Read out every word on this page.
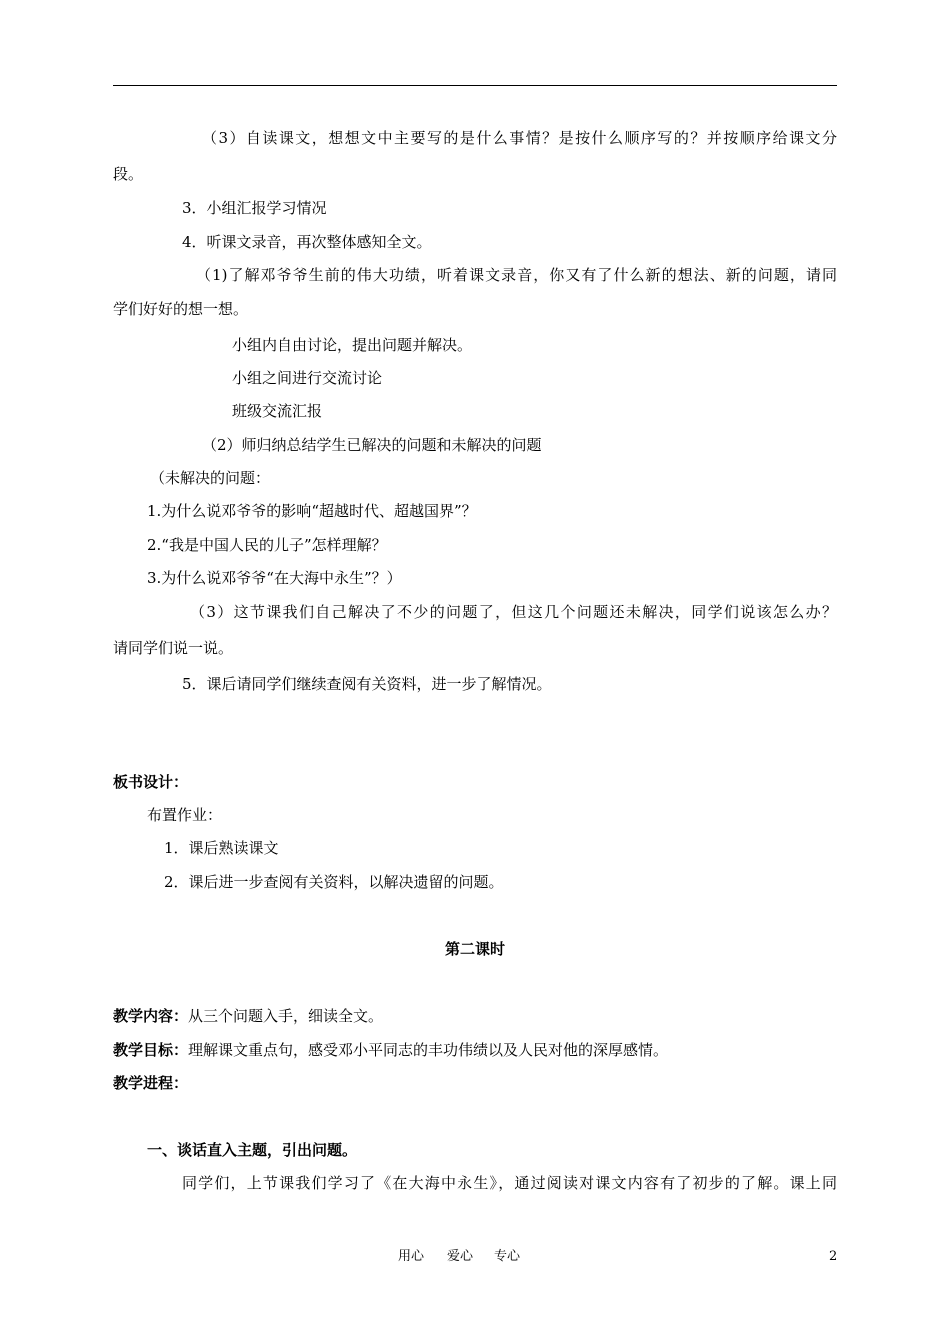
（3）自读课文，想想文中主要写的是什么事情？是按什么顺序写的？并按顺序给课文分
段。
3．小组汇报学习情况
4．听课文录音，再次整体感知全文。
（1)了解邓爷爷生前的伟大功绩，听着课文录音，你又有了什么新的想法、新的问题，请同
学们好好的想一想。
小组内自由讨论，提出问题并解决。
小组之间进行交流讨论
班级交流汇报
（2）师归纳总结学生已解决的问题和未解决的问题
（未解决的问题：
1.为什么说邓爷爷的影响“超越时代、超越国界”？
2.“我是中国人民的儿子”怎样理解？
3.为什么说邓爷爷“在大海中永生”？）
（3）这节课我们自己解决了不少的问题了，但这几个问题还未解决，同学们说该怎么办？
请同学们说一说。
5．课后请同学们继续查阅有关资料，进一步了解情况。
板书设计：
布置作业：
1．课后熟读课文
2．课后进一步查阅有关资料，以解决遗留的问题。
第二课时
教学内容：从三个问题入手，细读全文。
教学目标：理解课文重点句，感受邓小平同志的丰功伟绩以及人民对他的深厚感情。
教学进程：
一、谈话直入主题，引出问题。
同学们，上节课我们学习了《在大海中永生》，通过阅读对课文内容有了初步的了解。课上同
用心 爱心 专心	2
